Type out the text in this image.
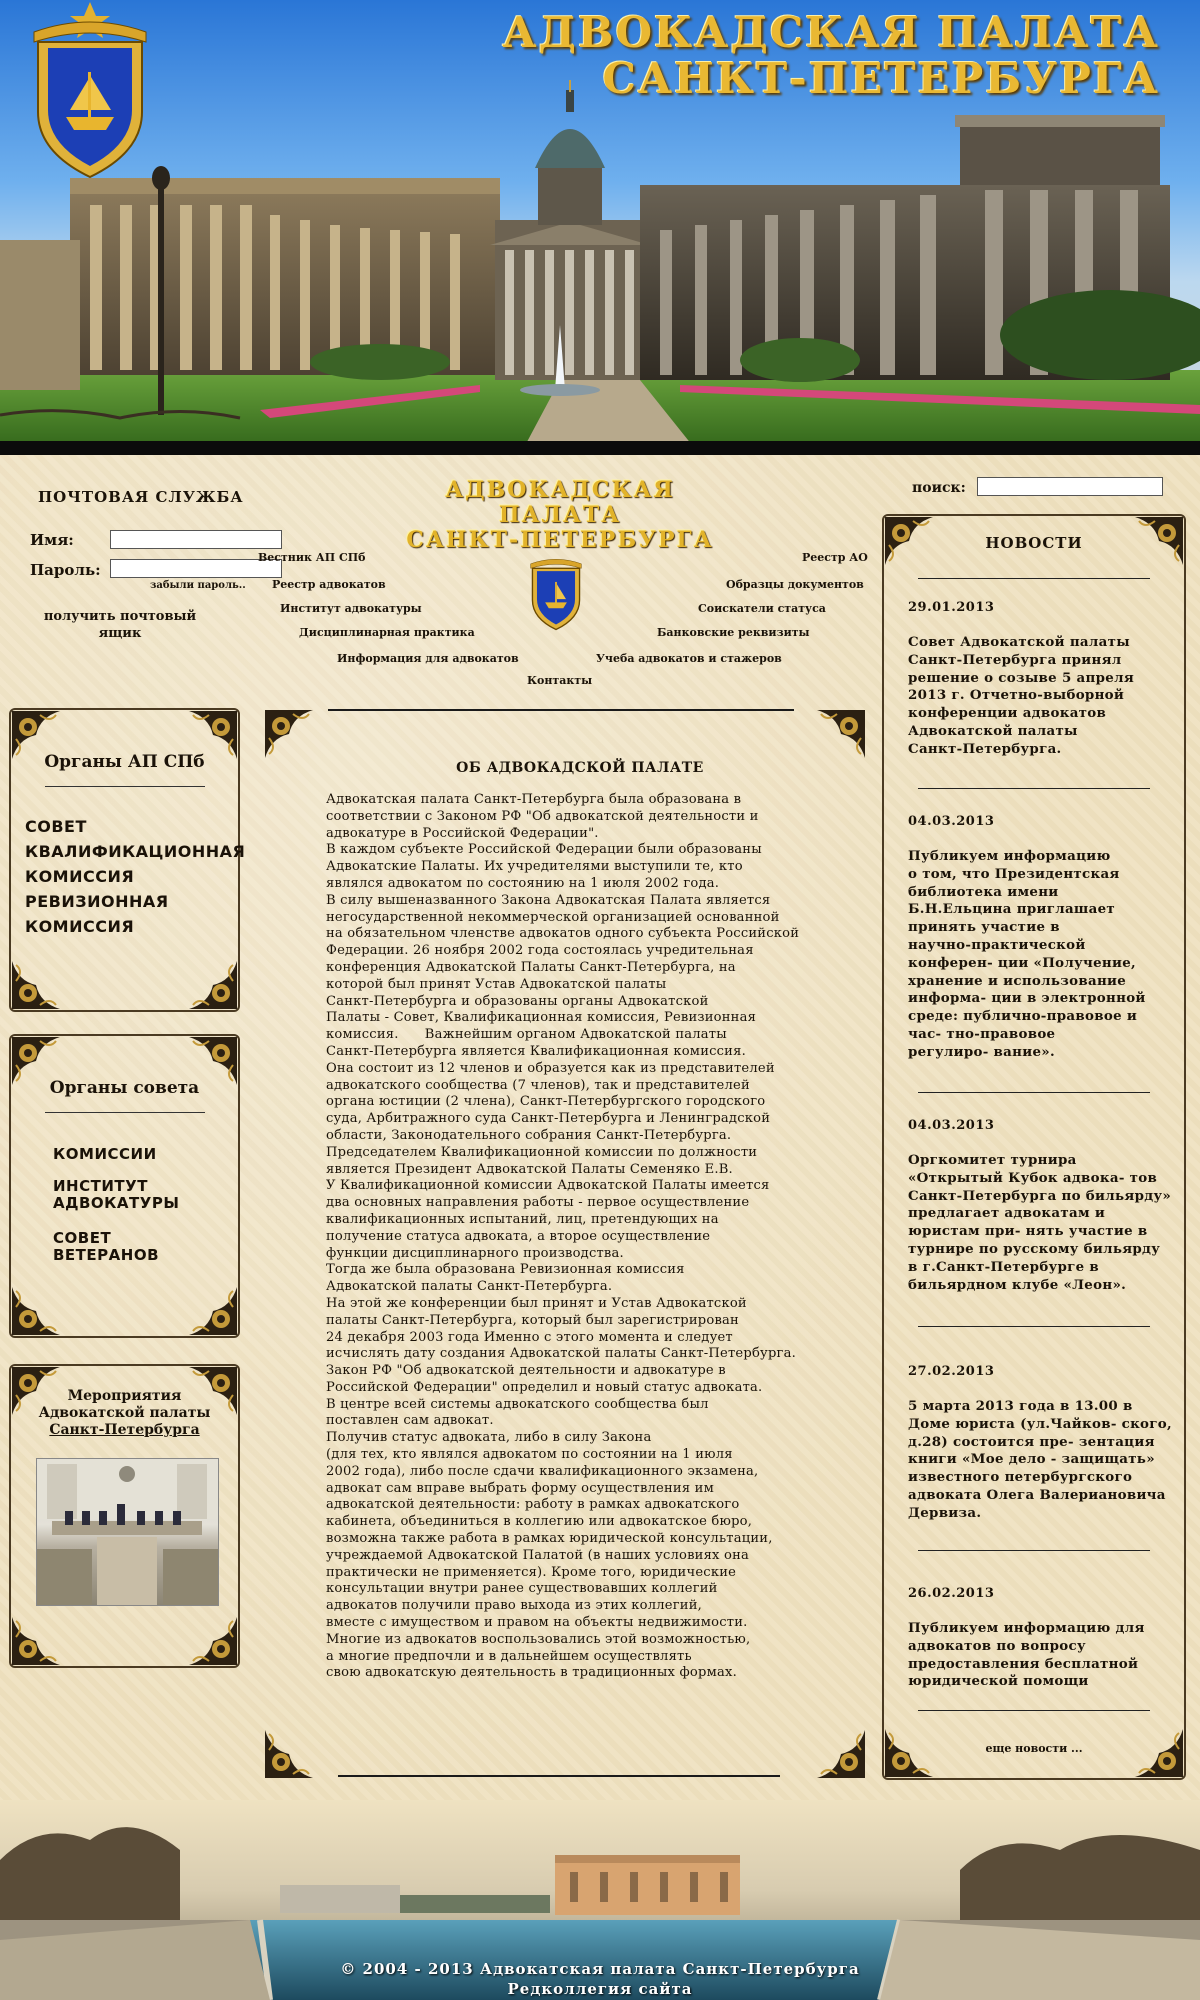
АДВОКАДСКАЯ ПАЛАТА
САНКТ-ПЕТЕРБУРГА
ПОЧТОВАЯ СЛУЖБА
Имя:
Пароль:
забыли пароль..
получить почтовый ящик
АДВОКАДСКАЯ ПАЛАТА
САНКТ-ПЕТЕРБУРГА
Вестник АП СПб	Реестр АО
Реестр адвокатов	Образцы документов
Институт адвокатуры	Соискатели статуса
Дисциплинарная практика	Банковские реквизиты
Информация для адвокатов	Учеба адвокатов и стажеров
Контакты
поиск:
Органы АП СПб
СОВЕТ
КВАЛИФИКАЦИОННАЯ
КОМИССИЯ
РЕВИЗИОННАЯ
КОМИССИЯ
Органы совета
КОМИССИИ
ИНСТИТУТ
АДВОКАТУРЫ
СОВЕТ
ВЕТЕРАНОВ
Мероприятия
Адвокатской палаты
Санкт-Петербурга
ОБ АДВОКАДСКОЙ ПАЛАТЕ
Адвокатская палата Санкт-Петербурга была образована в
соответствии с Законом РФ "Об адвокатской деятельности и
адвокатуре в Российской Федерации".
В каждом субъекте Российской Федерации были образованы
Адвокатские Палаты. Их учредителями выступили те, кто
являлся адвокатом по состоянию на 1 июля 2002 года.
В силу вышеназванного Закона Адвокатская Палата является
негосударственной некоммерческой организацией основанной
на обязательном членстве адвокатов одного субъекта Российской
Федерации. 26 ноября 2002 года состоялась учредительная
конференция Адвокатской Палаты Санкт-Петербурга, на
которой был принят Устав Адвокатской палаты
Санкт-Петербурга и образованы органы Адвокатской
Палаты - Совет, Квалификационная комиссия, Ревизионная
комиссия.      Важнейшим органом Адвокатской палаты
Санкт-Петербурга является Квалификационная комиссия.
Она состоит из 12 членов и образуется как из представителей
адвокатского сообщества (7 членов), так и представителей
органа юстиции (2 члена), Санкт-Петербургского городского
суда, Арбитражного суда Санкт-Петербурга и Ленинградской
области, Законодательного собрания Санкт-Петербурга.
Председателем Квалификационной комиссии по должности
является Президент Адвокатской Палаты Семеняко Е.В.
У Квалификационной комиссии Адвокатской Палаты имеется
два основных направления работы - первое осуществление
квалификационных испытаний, лиц, претендующих на
получение статуса адвоката, а второе осуществление
функции дисциплинарного производства.
Тогда же была образована Ревизионная комиссия
Адвокатской палаты Санкт-Петербурга.
На этой же конференции был принят и Устав Адвокатской
палаты Санкт-Петербурга, который был зарегистрирован
24 декабря 2003 года Именно с этого момента и следует
исчислять дату создания Адвокатской палаты Санкт-Петербурга.
Закон РФ "Об адвокатской деятельности и адвокатуре в
Российской Федерации" определил и новый статус адвоката.
В центре всей системы адвокатского сообщества был
поставлен сам адвокат.
Получив статус адвоката, либо в силу Закона
(для тех, кто являлся адвокатом по состоянии на 1 июля
2002 года), либо после сдачи квалификационного экзамена,
адвокат сам вправе выбрать форму осуществления им
адвокатской деятельности: работу в рамках адвокатского
кабинета, объединиться в коллегию или адвокатское бюро,
возможна также работа в рамках юридической консультации,
учреждаемой Адвокатской Палатой (в наших условиях она
практически не применяется). Кроме того, юридические
консультации внутри ранее существовавших коллегий
адвокатов получили право выхода из этих коллегий,
вместе с имуществом и правом на объекты недвижимости.
Многие из адвокатов воспользовались этой возможностью,
а многие предпочли и в дальнейшем осуществлять
свою адвокатскую деятельность в традиционных формах.
НОВОСТИ
29.01.2013
Совет Адвокатской палаты
Санкт-Петербурга принял
решение о созыве 5 апреля
2013 г. Отчетно-выборной
конференции адвокатов
Адвокатской палаты
Санкт-Петербурга.
04.03.2013
Публикуем информацию
о том, что Президентская
библиотека имени
Б.Н.Ельцина приглашает
принять участие в
научно-практической
конферен- ции «Получение,
хранение и использование
информа- ции в электронной
среде: публично-правовое и
час- тно-правовое
регулиро- вание».
04.03.2013
Оргкомитет турнира
«Открытый Кубок адвока- тов
Санкт-Петербурга по бильярду»
предлагает адвокатам и
юристам при- нять участие в
турнире по русскому бильярду
в г.Санкт-Петербурге в
бильярдном клубе «Леон».
27.02.2013
5 марта 2013 года в 13.00 в
Доме юриста (ул.Чайков- ского,
д.28) состоится пре- зентация
книги «Мое дело - защищать»
известного петербургского
адвоката Олега Валериановича
Дервиза.
26.02.2013
Публикуем информацию для
адвокатов по вопросу
предоставления бесплатной
юридической помощи
еще новости ...
© 2004 - 2013 Адвокатская палата Санкт-Петербурга
Редколлегия сайта
